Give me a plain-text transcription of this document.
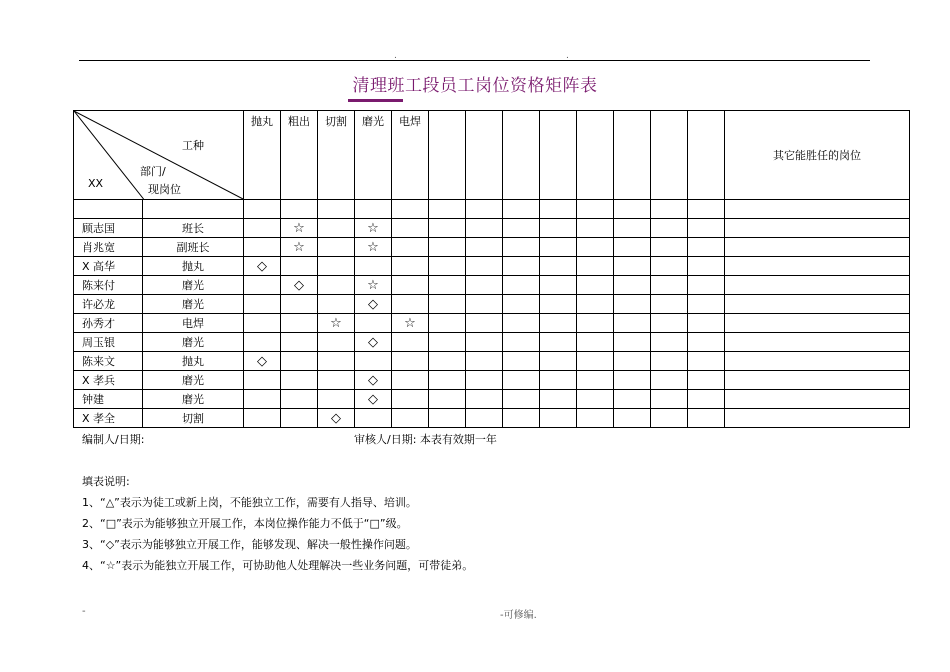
.	.
清理班工段员工岗位资格矩阵表
工种
部门/
现岗位
XX		抛丸	粗出	切割	磨光	电焊									其它能胜任的岗位

顾志国	班长		☆		☆										
肖兆宽	副班长		☆		☆										
X 高华	抛丸	◇													
陈来付	磨光		◇		☆										
许必龙	磨光				◇										
孙秀才	电焊			☆		☆									
周玉银	磨光				◇										
陈来文	抛丸	◇													
X 孝兵	磨光				◇										
钟建	磨光				◇										
X 孝全	切割			◇											
编制人/日期:	审核人/日期: 本表有效期一年
填表说明:
1、“△”表示为徒工或新上岗，不能独立工作，需要有人指导、培训。
2、“□”表示为能够独立开展工作，本岗位操作能力不低于“□”级。
3、“◇”表示为能够独立开展工作，能够发现、解决一般性操作问题。
4、“☆”表示为能独立开展工作，可协助他人处理解决一些业务问题，可带徒弟。
-	-可修编.
